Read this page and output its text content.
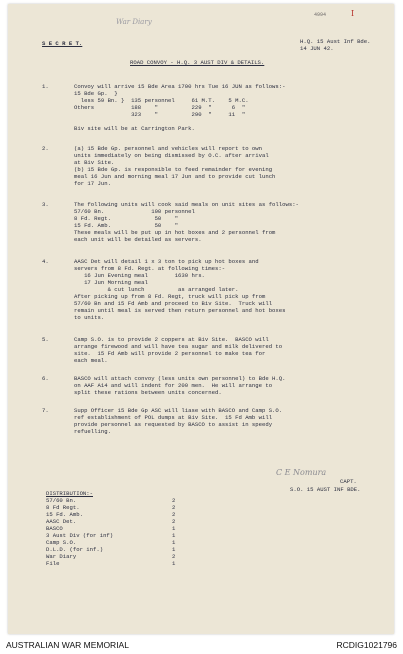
War Diary
4994	I
S E C R E T.	H.Q. 15 Aust Inf Bde.
14 JUN 42.
ROAD CONVOY - H.Q. 3 AUST DIV & DETAILS.
C E Nomura
CAPT.
S.O. 15 AUST INF BDE.
DISTRIBUTION:-
1.	Convoy will arrive 15 Bde Area 1700 hrs Tue 16 JUN as follows:-
15 Bde Gp.  }
less 59 Bn. }  135 personnel     61 M.T.    5 M.C.
Others           188    "          229  "      6  "
323    "          290  "     11  "
Biv site will be at Carrington Park.
2.	(a) 15 Bde Gp. personnel and vehicles will report to own
units immediately on being dismissed by O.C. after arrival
at Biv Site.
(b) 15 Bde Gp. is responsible to feed remainder for evening
meal 16 Jun and morning meal 17 Jun and to provide cut lunch
for 17 Jun.
3.	The following units will cook said meals on unit sites as follows:-
57/60 Bn.              100 personnel
8 Fd. Regt.             50    "
15 Fd. Amb.             50    "
These meals will be put up in hot boxes and 2 personnel from
each unit will be detailed as servers.
4.	AASC Det will detail 1 x 3 ton to pick up hot boxes and
servers from 8 Fd. Regt. at following times:-
16 Jun Evening meal        1630 hrs.
17 Jun Morning meal
& cut lunch          as arranged later.
After picking up from 8 Fd. Regt, truck will pick up from
57/60 Bn and 15 Fd Amb and proceed to Biv Site.  Truck will
remain until meal is served then return personnel and hot boxes
to units.
5.	Camp S.O. is to provide 2 coppers at Biv Site.  BASCO will
arrange firewood and will have tea sugar and milk delivered to
site.  15 Fd Amb will provide 2 personnel to make tea for
each meal.
6.	BASCO will attach convoy (less units own personnel) to Bde H.Q.
on AAF A14 and will indent for 200 men.  He will arrange to
split these rations between units concerned.
7.	Supp Officer 15 Bde Gp ASC will liase with BASCO and Camp S.O.
ref establishment of POL dumps at Biv Site.  15 Fd Amb will
provide personnel as requested by BASCO to assist in speedy
refuelling.
57/60 Bn.	2
8 Fd Regt.	2
15 Fd. Amb.	2
AASC Det.	2
BASCO	1
3 Aust Div (for inf)	1
Camp S.O.	1
D.L.D. (for inf.)	1
War Diary	2
File	1
AUSTRALIAN WAR MEMORIAL	RCDIG1021796
